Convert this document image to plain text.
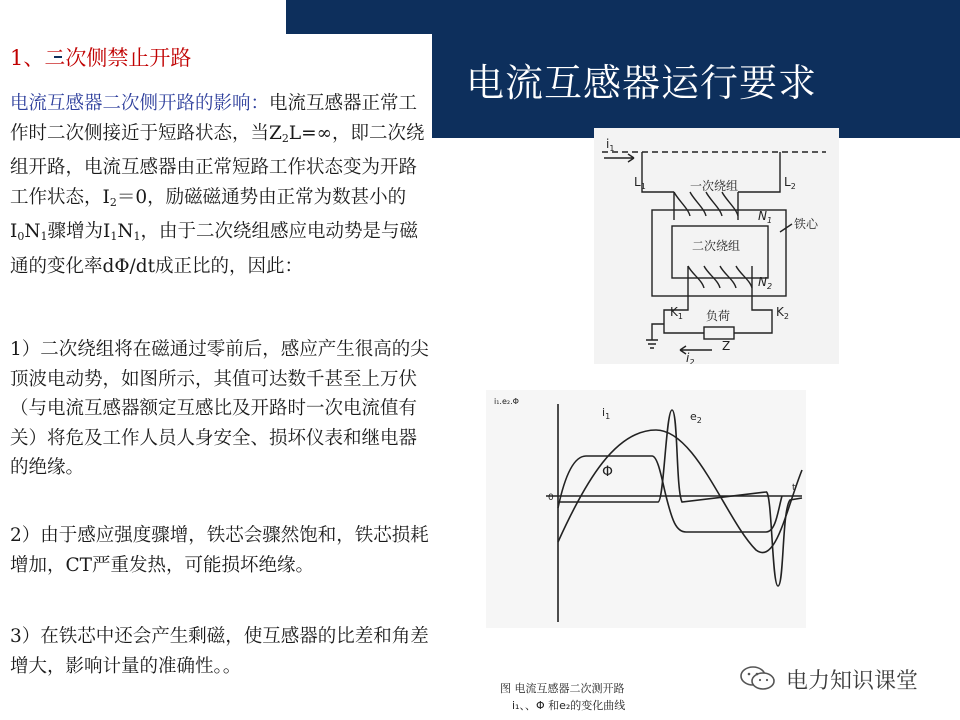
电流互感器运行要求
1、二次侧禁止开路

电流互感器二次侧开路的影响：电流互感器正常工作时二次侧接近于短路状态，当$Z_2L=\infty$，即二次绕组开路，电流互感器由正常短路工作状态变为开路工作状态，$I_2=0$，励磁磁通势由正常为数甚小的$I_0N_1$骤增为$I_1N_1$，由于二次绕组感应电动势是与磁通的变化率dΦ/dt成正比的，因此：

1）二次绕组将在磁通过零前后，感应产生很高的尖顶波电动势，如图所示，其值可达数千甚至上万伏（与电流互感器额定互感比及开路时一次电流值有关）将危及工作人员人身安全、损坏仪表和继电器的绝缘。

2）由于感应强度骤增，铁芯会骤然饱和，铁芯损耗增加，CT严重发热，可能损坏绝缘。

3）在铁芯中还会产生剩磁，使互感器的比差和角差增大，影响计量的准确性。。

$i_1$
$L_1$	$L_2$
一次绕组
$N_1$
二次绕组
铁心
$N_2$
$K_1$ 负荷	$K_2$
Z
$i_2$
i₁.e₂.Φ
0
t
$i_1$	$e_2$
Φ
图 电流互感器二次测开路
i₁、、Φ 和e₂的变化曲线
电力知识课堂
